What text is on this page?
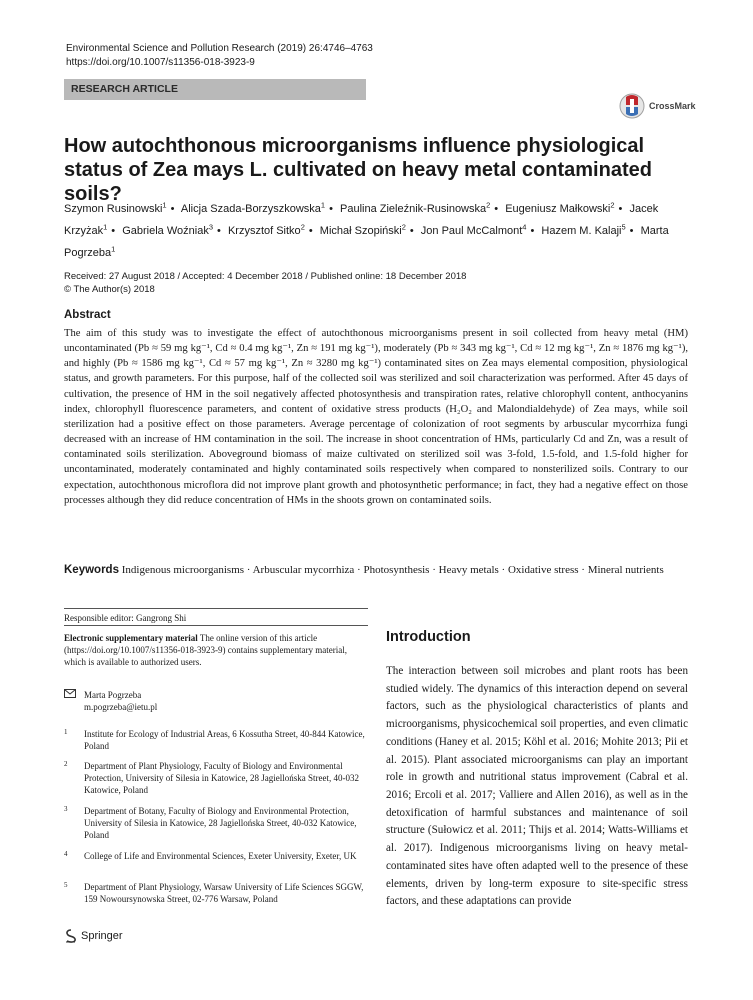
Environmental Science and Pollution Research (2019) 26:4746–4763
https://doi.org/10.1007/s11356-018-3923-9
RESEARCH ARTICLE
CrossMark
How autochthonous microorganisms influence physiological status of Zea mays L. cultivated on heavy metal contaminated soils?
Szymon Rusinowski$^1$ • Alicja Szada-Borzyszkowska$^1$ • Paulina Zieleźnik-Rusinowska$^2$ • Eugeniusz Małkowski$^2$ • Jacek Krzyżak$^1$ • Gabriela Woźniak$^3$ • Krzysztof Sitko$^2$ • Michał Szopiński$^2$ • Jon Paul McCalmont$^4$ • Hazem M. Kalaji$^5$ • Marta Pogrzeba$^1$
Received: 27 August 2018 / Accepted: 4 December 2018 / Published online: 18 December 2018
© The Author(s) 2018
Abstract

The aim of this study was to investigate the effect of autochthonous microorganisms present in soil collected from heavy metal (HM) uncontaminated (Pb ≈ 59 mg kg⁻¹, Cd ≈ 0.4 mg kg⁻¹, Zn ≈ 191 mg kg⁻¹), moderately (Pb ≈ 343 mg kg⁻¹, Cd ≈ 12 mg kg⁻¹, Zn ≈ 1876 mg kg⁻¹), and highly (Pb ≈ 1586 mg kg⁻¹, Cd ≈ 57 mg kg⁻¹, Zn ≈ 3280 mg kg⁻¹) contaminated sites on Zea mays elemental composition, physiological status, and growth parameters. For this purpose, half of the collected soil was sterilized and soil characterization was performed. After 45 days of cultivation, the presence of HM in the soil negatively affected photosynthesis and transpiration rates, relative chlorophyll content, anthocyanins index, chlorophyll fluorescence parameters, and content of oxidative stress products (H₂O₂ and Malondialdehyde) of Zea mays, while soil sterilization had a positive effect on those parameters. Average percentage of colonization of root segments by arbuscular mycorrhiza fungi decreased with an increase of HM contamination in the soil. The increase in shoot concentration of HMs, particularly Cd and Zn, was a result of contaminated soils sterilization. Aboveground biomass of maize cultivated on sterilized soil was 3-fold, 1.5-fold, and 1.5-fold higher for uncontaminated, moderately contaminated and highly contaminated soils respectively when compared to nonsterilized soils. Contrary to our expectation, autochthonous microflora did not improve plant growth and photosynthetic performance; in fact, they had a negative effect on those processes although they did reduce concentration of HMs in the shoots grown on contaminated soils.

Keywords Indigenous microorganisms · Arbuscular mycorrhiza · Photosynthesis · Heavy metals · Oxidative stress · Mineral nutrients
Responsible editor: Gangrong Shi
Electronic supplementary material The online version of this article (https://doi.org/10.1007/s11356-018-3923-9) contains supplementary material, which is available to authorized users.
Marta Pogrzeba
m.pogrzeba@ietu.pl
1 Institute for Ecology of Industrial Areas, 6 Kossutha Street, 40-844 Katowice, Poland
2 Department of Plant Physiology, Faculty of Biology and Environmental Protection, University of Silesia in Katowice, 28 Jagiellońska Street, 40-032 Katowice, Poland
3 Department of Botany, Faculty of Biology and Environmental Protection, University of Silesia in Katowice, 28 Jagiellońska Street, 40-032 Katowice, Poland
4 College of Life and Environmental Sciences, Exeter University, Exeter, UK
5 Department of Plant Physiology, Warsaw University of Life Sciences SGGW, 159 Nowoursynowska Street, 02-776 Warsaw, Poland
Introduction

The interaction between soil microbes and plant roots has been studied widely. The dynamics of this interaction depend on several factors, such as the physiological characteristics of plants and microorganisms, physicochemical soil properties, and even climatic conditions (Haney et al. 2015; Köhl et al. 2016; Mohite 2013; Pii et al. 2015). Plant associated microorganisms can play an important role in growth and nutritional status improvement (Cabral et al. 2016; Ercoli et al. 2017; Valliere and Allen 2016), as well as in the detoxification of harmful substances and maintenance of soil structure (Sułowicz et al. 2011; Thijs et al. 2014; Watts-Williams et al. 2017). Indigenous microorganisms living on heavy metal-contaminated sites have often adapted well to the presence of these elements, driven by long-term exposure to site-specific stress factors, and these adaptations can provide

Springer
